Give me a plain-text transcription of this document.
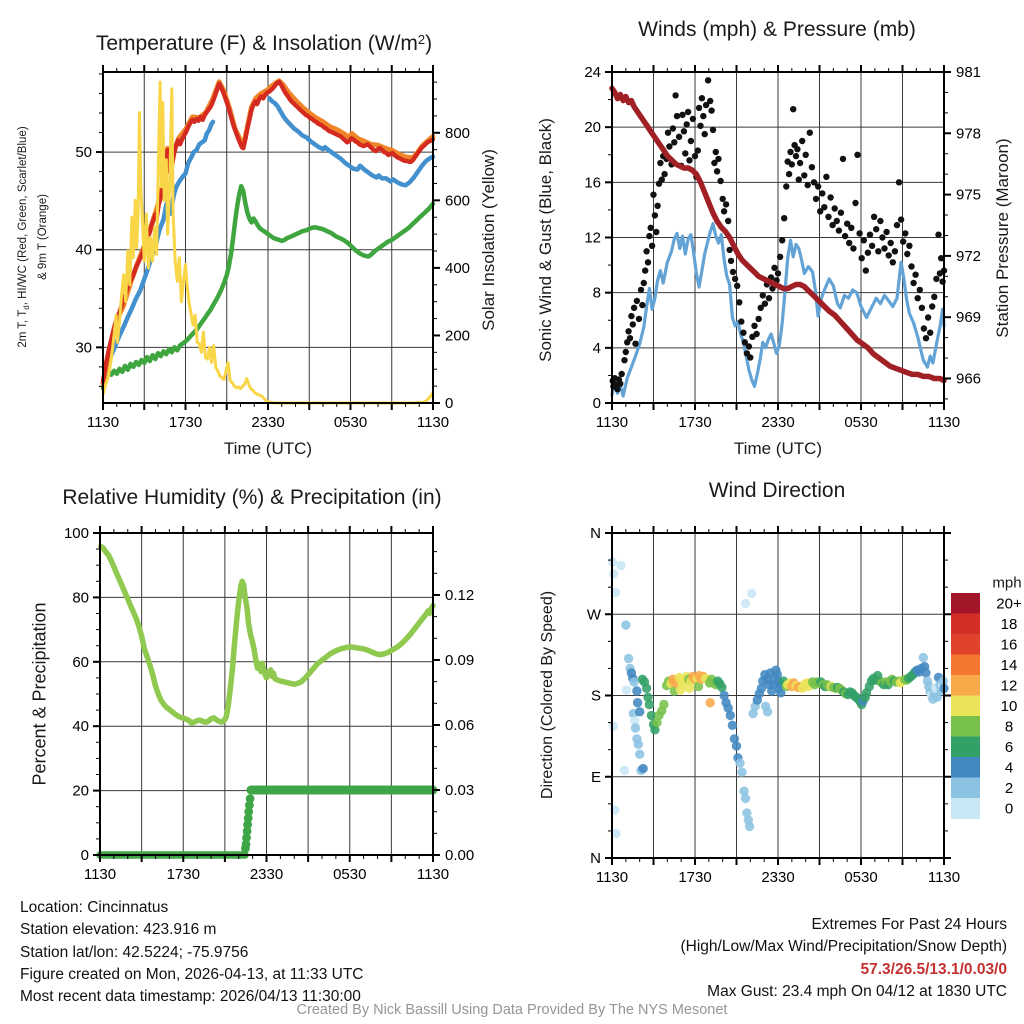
1130	1730	2330	0530	1130
30
40
50
0
200
400
600
800
1130	1730	2330	0530	1130
0
4
8
12
16
20
24
966
969
972
975
978
981
1130	1730	2330	0530	1130
0
20
40
60
80
100
0.00
0.03
0.06
0.09
0.12
1130	1730	2330	0530	1130
N
W
S
E
N
20+
18
16
14
12
10
8
6
4
2
0
Temperature (F) & Insolation $(W/m^2)$
Winds (mph) & Pressure (mb)
Relative Humidity (%) & Precipitation (in)	Wind Direction
Time (UTC)	Time (UTC)
2m T, $T_d$, HI/WC (Red, Green, Scarlet/Blue) & 9m T (Orange)	Solar Insolation (Yellow) Sonic Wind & Gust (Blue, Black)	Station Pressure (Maroon)
Percent & Precipitation	Direction (Colored By Speed)
mph
Location: Cincinnatus
Station elevation: 423.916 m
Station lat/lon: 42.5224; -75.9756
Figure created on Mon, 2026-04-13, at 11:33 UTC
Most recent data timestamp: 2026/04/13 11:30:00
Extremes For Past 24 Hours
(High/Low/Max Wind/Precipitation/Snow Depth)
57.3/26.5/13.1/0.03/0
Max Gust: 23.4 mph On 04/12 at 1830 UTC
Created By Nick Bassill Using Data Provided By The NYS Mesonet
